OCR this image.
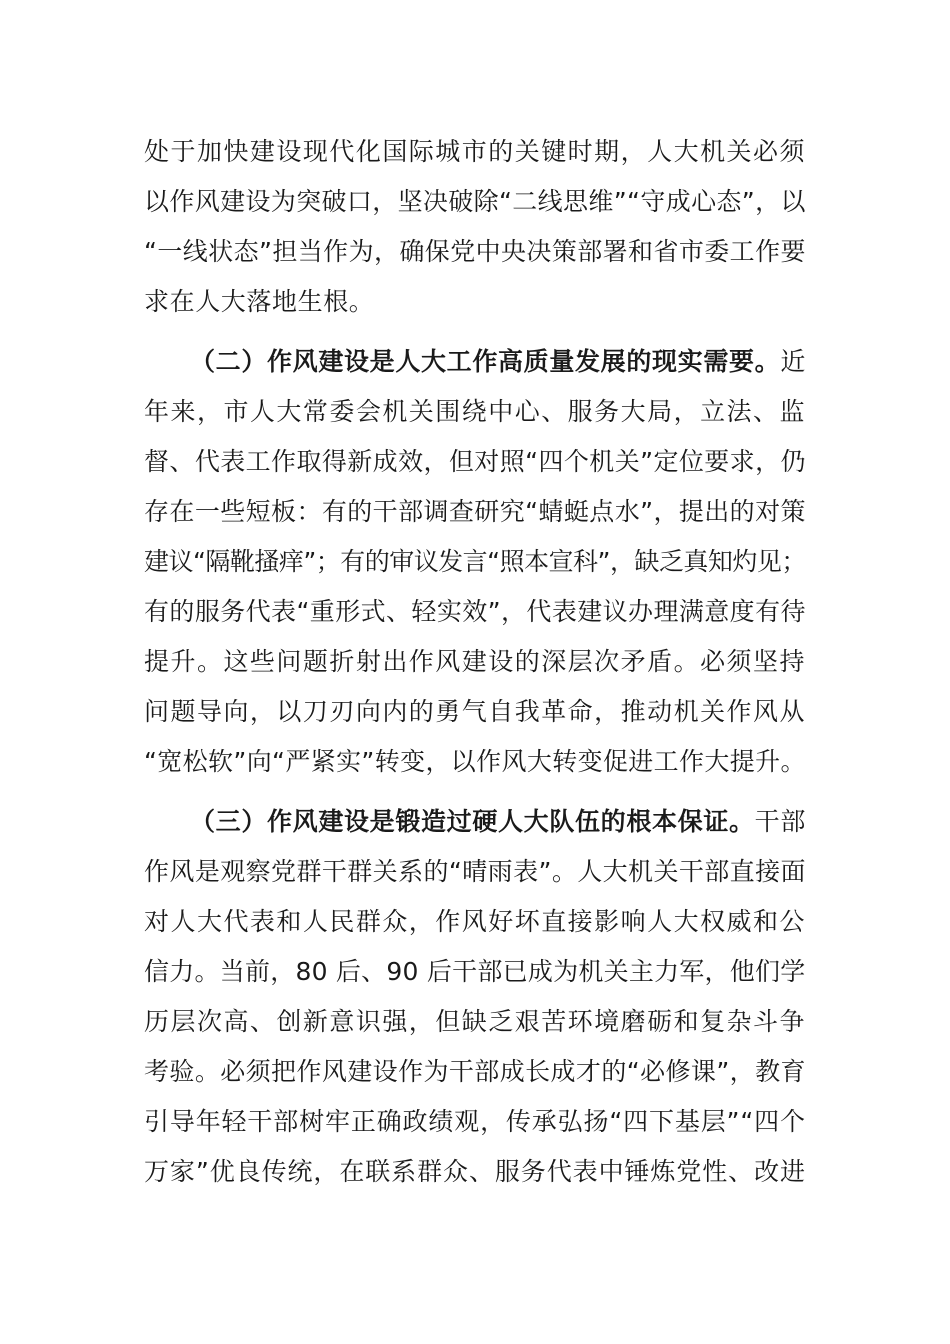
处于加快建设现代化国际城市的关键时期，人大机关必须
以作风建设为突破口，坚决破除“二线思维”“守成心态”，以
“一线状态”担当作为，确保党中央决策部署和省市委工作要
求在人大落地生根。
（二）作风建设是人大工作高质量发展的现实需要。近
年来，市人大常委会机关围绕中心、服务大局，立法、监
督、代表工作取得新成效，但对照“四个机关”定位要求，仍
存在一些短板：有的干部调查研究“蜻蜓点水”，提出的对策
建议“隔靴搔痒”；有的审议发言“照本宣科”，缺乏真知灼见；
有的服务代表“重形式、轻实效”，代表建议办理满意度有待
提升。这些问题折射出作风建设的深层次矛盾。必须坚持
问题导向，以刀刃向内的勇气自我革命，推动机关作风从
“宽松软”向“严紧实”转变，以作风大转变促进工作大提升。
（三）作风建设是锻造过硬人大队伍的根本保证。干部
作风是观察党群干群关系的“晴雨表”。人大机关干部直接面
对人大代表和人民群众，作风好坏直接影响人大权威和公
信力。当前，80 后、90 后干部已成为机关主力军，他们学
历层次高、创新意识强，但缺乏艰苦环境磨砺和复杂斗争
考验。必须把作风建设作为干部成长成才的“必修课”，教育
引导年轻干部树牢正确政绩观，传承弘扬“四下基层”“四个
万家”优良传统，在联系群众、服务代表中锤炼党性、改进
